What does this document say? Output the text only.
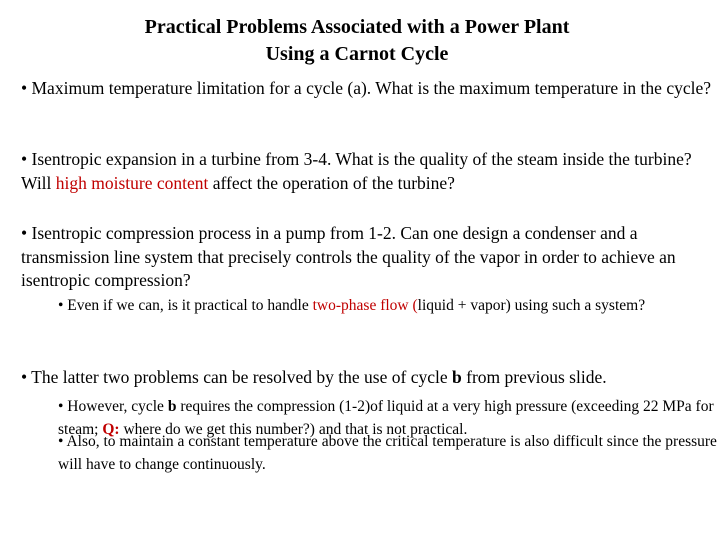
Practical Problems Associated with a Power Plant
Using a Carnot Cycle
• Maximum temperature limitation for a cycle (a). What is the maximum temperature in the cycle?
• Isentropic expansion in a turbine from 3-4. What is the quality of the steam inside the turbine? Will high moisture content affect the operation of the turbine?
• Isentropic compression process in a pump from 1-2. Can one design a condenser and a transmission line system that precisely controls the quality of the vapor in order to achieve an isentropic compression?
• Even if we can, is it practical to handle two-phase flow (liquid + vapor) using such a system?
• The latter two problems can be resolved by the use of cycle b from previous slide.
• However, cycle b requires the compression (1-2)of liquid at a very high pressure (exceeding 22 MPa for steam; Q: where do we get this number?) and that is not practical.
• Also, to maintain a constant temperature above the critical temperature is also difficult since the pressure will have to change continuously.
